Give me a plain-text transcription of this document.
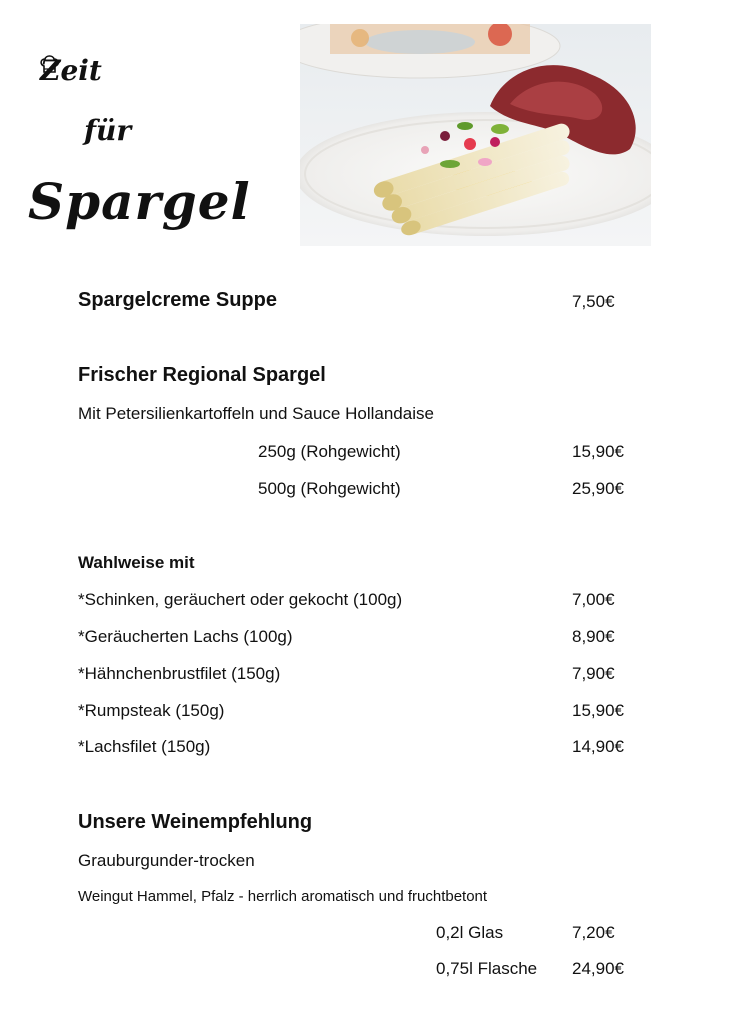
Zeit
für
Spargel
Spargelcreme Suppe	7,50€
Frischer Regional Spargel
Mit Petersilienkartoffeln und Sauce Hollandaise
250g (Rohgewicht)	15,90€
500g (Rohgewicht)	25,90€
Wahlweise mit
*Schinken, geräuchert oder gekocht (100g)	7,00€
*Geräucherten Lachs (100g)	8,90€
*Hähnchenbrustfilet (150g)	7,90€
*Rumpsteak (150g)	15,90€
*Lachsfilet (150g)	14,90€
Unsere Weinempfehlung
Grauburgunder-trocken
Weingut Hammel, Pfalz - herrlich aromatisch und fruchtbetont
0,2l Glas	7,20€
0,75l Flasche 24,90€
